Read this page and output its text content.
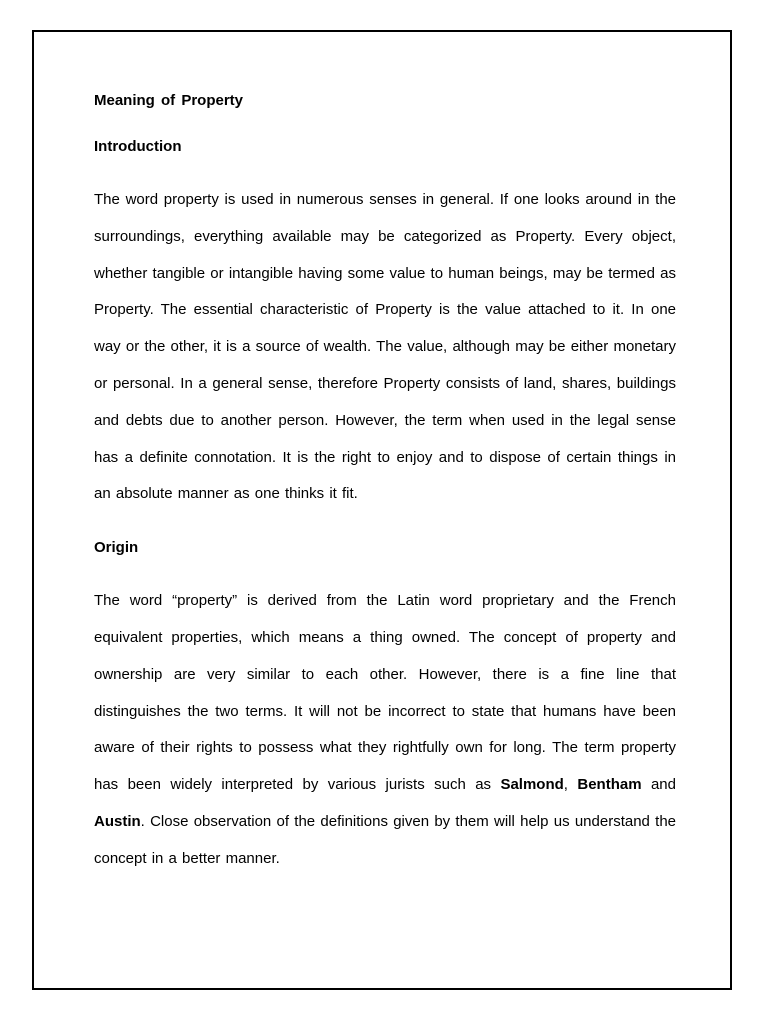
Meaning of Property

Introduction

The word property is used in numerous senses in general. If one looks around in the surroundings, everything available may be categorized as Property. Every object, whether tangible or intangible having some value to human beings, may be termed as Property. The essential characteristic of Property is the value attached to it. In one way or the other, it is a source of wealth. The value, although may be either monetary or personal. In a general sense, therefore Property consists of land, shares, buildings and debts due to another person. However, the term when used in the legal sense has a definite connotation. It is the right to enjoy and to dispose of certain things in an absolute manner as one thinks it fit.

Origin

The word “property” is derived from the Latin word proprietary and the French equivalent properties, which means a thing owned. The concept of property and ownership are very similar to each other. However, there is a fine line that distinguishes the two terms. It will not be incorrect to state that humans have been aware of their rights to possess what they rightfully own for long. The term property has been widely interpreted by various jurists such as Salmond, Bentham and Austin. Close observation of the definitions given by them will help us understand the concept in a better manner.
